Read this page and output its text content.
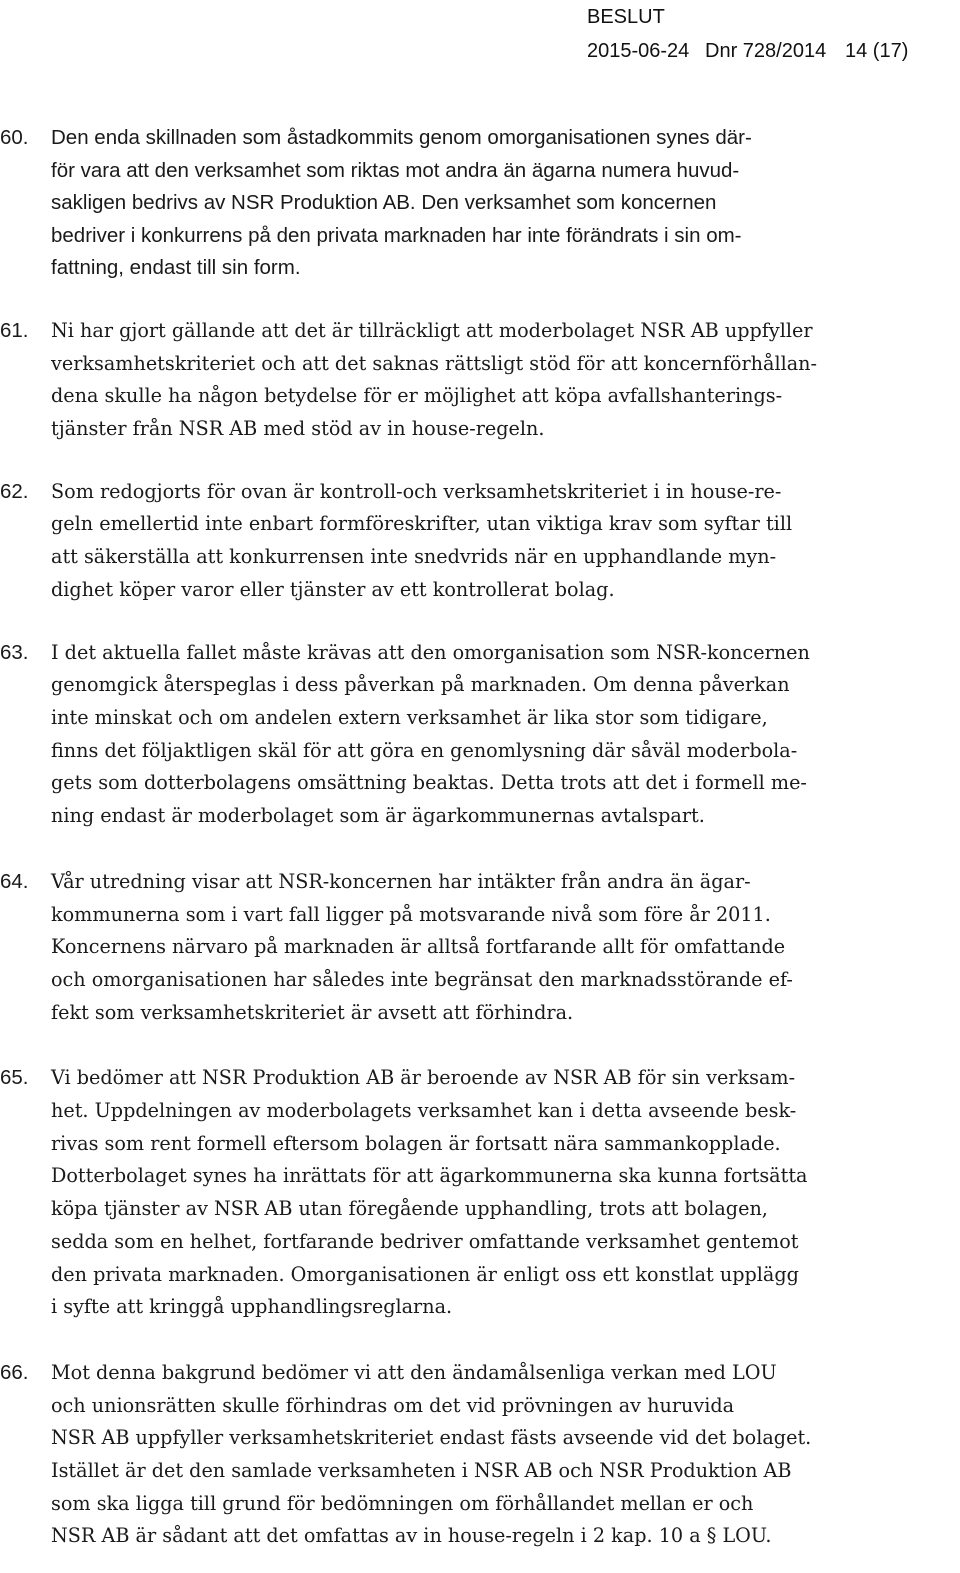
BESLUT
2015-06-24 Dnr 728/2014 14 (17)
60. Den enda skillnaden som åstadkommits genom omorganisationen synes där-
för vara att den verksamhet som riktas mot andra än ägarna numera huvud-
sakligen bedrivs av NSR Produktion AB. Den verksamhet som koncernen
bedriver i konkurrens på den privata marknaden har inte förändrats i sin om-
fattning, endast till sin form.
61. Ni har gjort gällande att det är tillräckligt att moderbolaget NSR AB uppfyller
verksamhetskriteriet och att det saknas rättsligt stöd för att koncernförhållan-
dena skulle ha någon betydelse för er möjlighet att köpa avfallshanterings-
tjänster från NSR AB med stöd av in house-regeln.
62. Som redogjorts för ovan är kontroll-och verksamhetskriteriet i in house-re-
geln emellertid inte enbart formföreskrifter, utan viktiga krav som syftar till
att säkerställa att konkurrensen inte snedvrids när en upphandlande myn-
dighet köper varor eller tjänster av ett kontrollerat bolag.
63. I det aktuella fallet måste krävas att den omorganisation som NSR-koncernen
genomgick återspeglas i dess påverkan på marknaden. Om denna påverkan
inte minskat och om andelen extern verksamhet är lika stor som tidigare,
finns det följaktligen skäl för att göra en genomlysning där såväl moderbola-
gets som dotterbolagens omsättning beaktas. Detta trots att det i formell me-
ning endast är moderbolaget som är ägarkommunernas avtalspart.
64. Vår utredning visar att NSR-koncernen har intäkter från andra än ägar-
kommunerna som i vart fall ligger på motsvarande nivå som före år 2011.
Koncernens närvaro på marknaden är alltså fortfarande allt för omfattande
och omorganisationen har således inte begränsat den marknadsstörande ef-
fekt som verksamhetskriteriet är avsett att förhindra.
65. Vi bedömer att NSR Produktion AB är beroende av NSR AB för sin verksam-
het. Uppdelningen av moderbolagets verksamhet kan i detta avseende besk-
rivas som rent formell eftersom bolagen är fortsatt nära sammankopplade.
Dotterbolaget synes ha inrättats för att ägarkommunerna ska kunna fortsätta
köpa tjänster av NSR AB utan föregående upphandling, trots att bolagen,
sedda som en helhet, fortfarande bedriver omfattande verksamhet gentemot
den privata marknaden. Omorganisationen är enligt oss ett konstlat upplägg
i syfte att kringgå upphandlingsreglarna.
66. Mot denna bakgrund bedömer vi att den ändamålsenliga verkan med LOU
och unionsrätten skulle förhindras om det vid prövningen av huruvida
NSR AB uppfyller verksamhetskriteriet endast fästs avseende vid det bolaget.
Istället är det den samlade verksamheten i NSR AB och NSR Produktion AB
som ska ligga till grund för bedömningen om förhållandet mellan er och
NSR AB är sådant att det omfattas av in house-regeln i 2 kap. 10 a § LOU.
